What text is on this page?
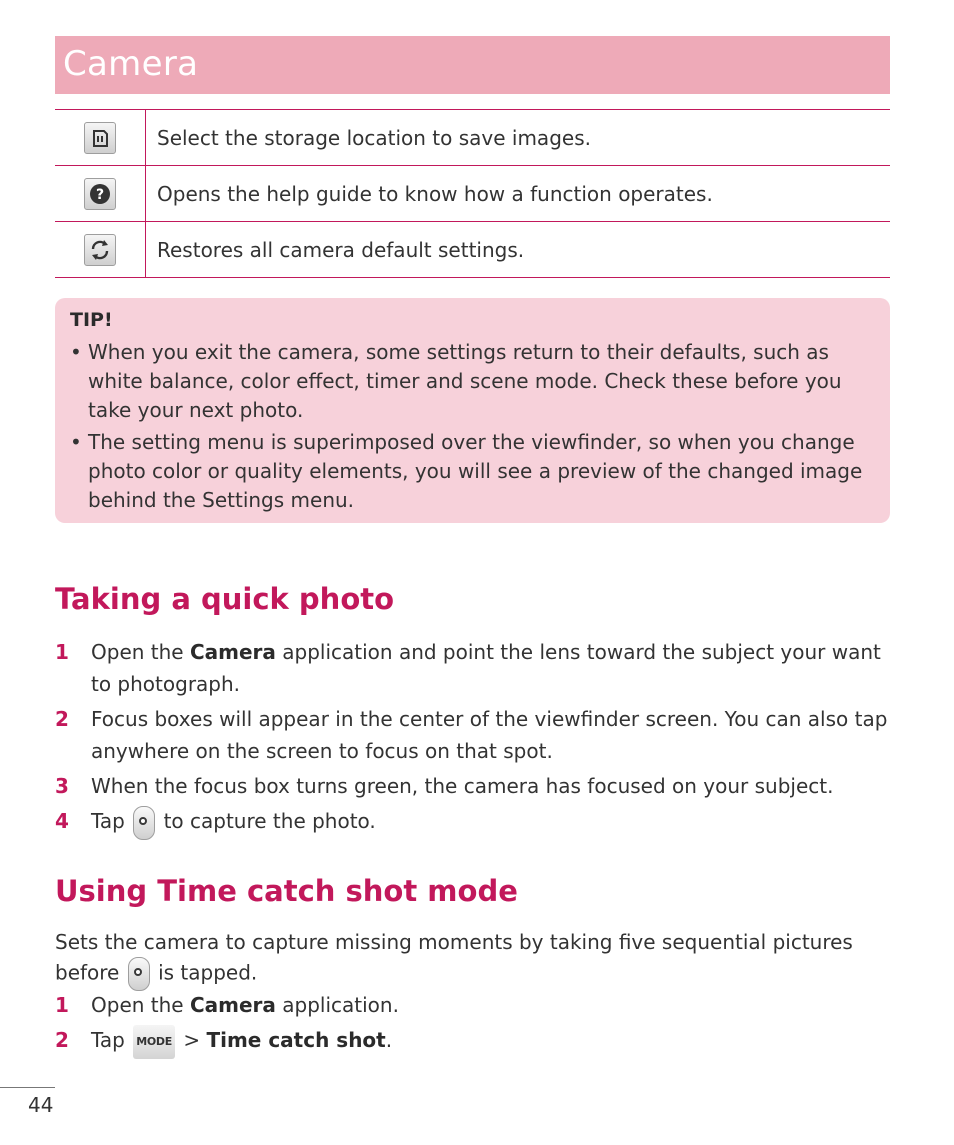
Camera
	Select the storage location to save images.

?	Opens the help guide to know how a function operates.
	Restores all camera default settings.
TIP!
• When you exit the camera, some settings return to their defaults, such as white balance, color effect, timer and scene mode. Check these before you take your next photo.
• The setting menu is superimposed over the viewfinder, so when you change photo color or quality elements, you will see a preview of the changed image behind the Settings menu.
Taking a quick photo
1 Open the Camera application and point the lens toward the subject your want to photograph.
2 Focus boxes will appear in the center of the viewfinder screen. You can also tap anywhere on the screen to focus on that spot.
3 When the focus box turns green, the camera has focused on your subject.
4 Tap  to capture the photo.
Using Time catch shot mode

Sets the camera to capture missing moments by taking five sequential pictures before  is tapped.

1 Open the Camera application.
2 Tap MODE > Time catch shot.
44
